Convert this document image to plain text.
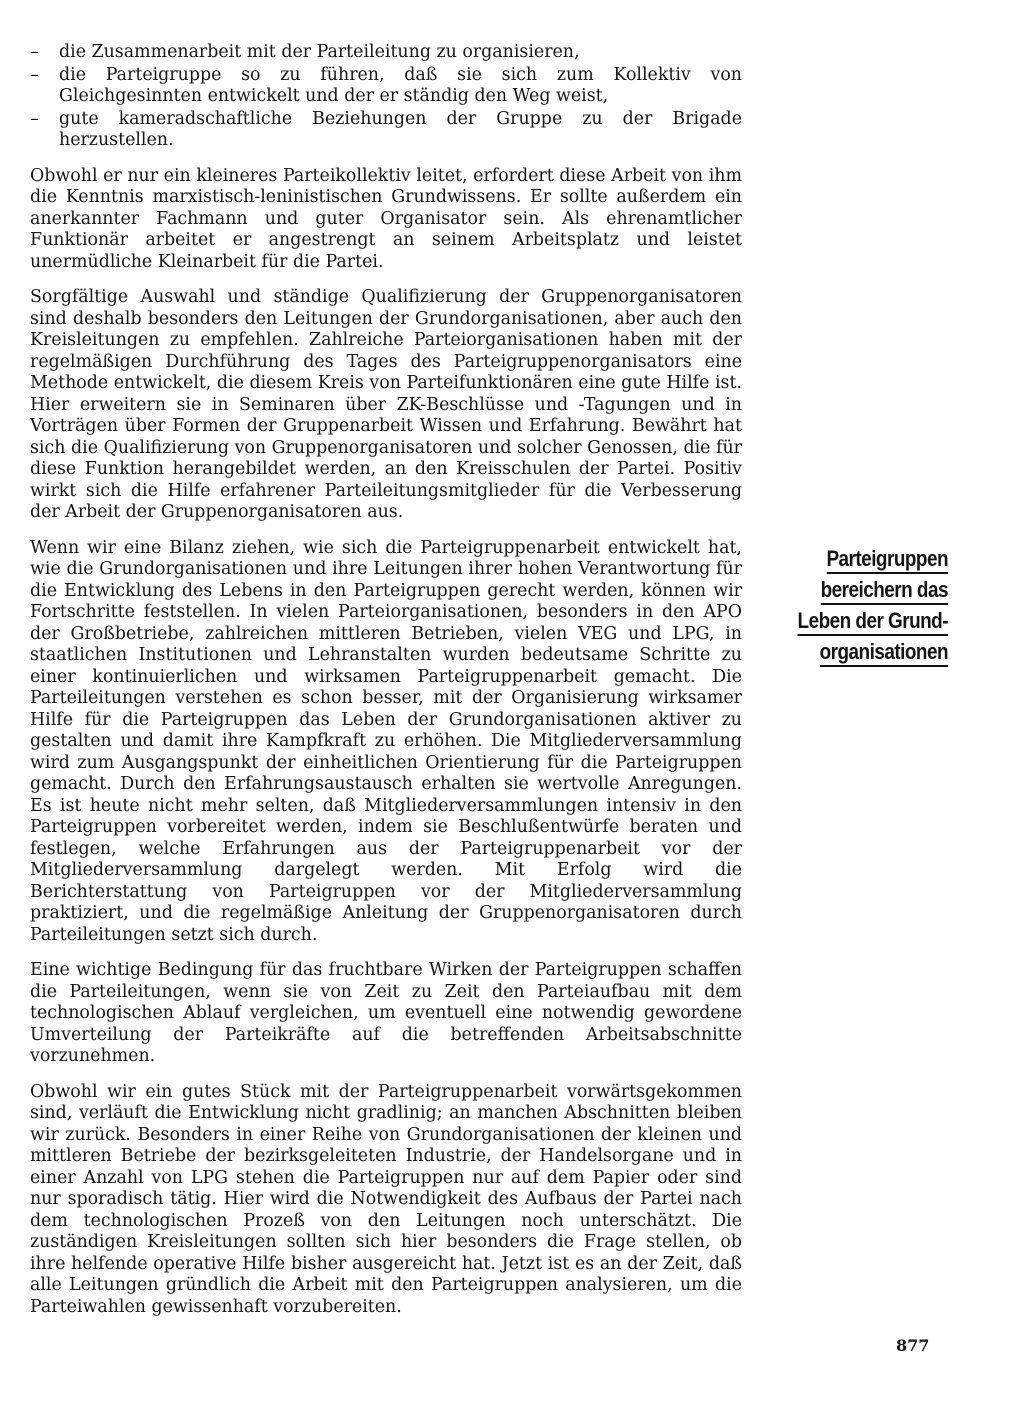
– die Zusammenarbeit mit der Parteileitung zu organisieren,
– die Parteigruppe so zu führen, daß sie sich zum Kollektiv von Gleichgesinnten entwickelt und der er ständig den Weg weist,
– gute kameradschaftliche Beziehungen der Gruppe zu der Brigade herzustellen.

Obwohl er nur ein kleineres Parteikollektiv leitet, erfordert diese Arbeit von ihm die Kenntnis marxistisch-leninistischen Grundwissens. Er sollte außerdem ein anerkannter Fachmann und guter Organisator sein. Als ehrenamtlicher Funktionär arbeitet er angestrengt an seinem Arbeitsplatz und leistet unermüdliche Kleinarbeit für die Partei.

Sorgfältige Auswahl und ständige Qualifizierung der Gruppenorganisatoren sind deshalb besonders den Leitungen der Grundorganisationen, aber auch den Kreisleitungen zu empfehlen. Zahlreiche Parteiorganisationen haben mit der regelmäßigen Durchführung des Tages des Parteigruppenorganisators eine Methode entwickelt, die diesem Kreis von Parteifunktionären eine gute Hilfe ist. Hier erweitern sie in Seminaren über ZK-Beschlüsse und -Tagungen und in Vorträgen über Formen der Gruppenarbeit Wissen und Erfahrung. Bewährt hat sich die Qualifizierung von Gruppenorganisatoren und solcher Genossen, die für diese Funktion herangebildet werden, an den Kreisschulen der Partei. Positiv wirkt sich die Hilfe erfahrener Parteileitungsmitglieder für die Verbesserung der Arbeit der Gruppenorganisatoren aus.

Wenn wir eine Bilanz ziehen, wie sich die Parteigruppenarbeit entwickelt hat, wie die Grundorganisationen und ihre Leitungen ihrer hohen Verantwortung für die Entwicklung des Lebens in den Parteigruppen gerecht werden, können wir Fortschritte feststellen. In vielen Parteiorganisationen, besonders in den APO der Großbetriebe, zahlreichen mittleren Betrieben, vielen VEG und LPG, in staatlichen Institutionen und Lehranstalten wurden bedeutsame Schritte zu einer kontinuierlichen und wirksamen Parteigruppenarbeit gemacht. Die Parteileitungen verstehen es schon besser, mit der Organisierung wirksamer Hilfe für die Parteigruppen das Leben der Grundorganisationen aktiver zu gestalten und damit ihre Kampfkraft zu erhöhen. Die Mitgliederversammlung wird zum Ausgangspunkt der einheitlichen Orientierung für die Parteigruppen gemacht. Durch den Erfahrungsaustausch erhalten sie wertvolle Anregungen. Es ist heute nicht mehr selten, daß Mitgliederversammlungen intensiv in den Parteigruppen vorbereitet werden, indem sie Beschlußentwürfe beraten und festlegen, welche Erfahrungen aus der Parteigruppenarbeit vor der Mitgliederversammlung dargelegt werden. Mit Erfolg wird die Berichterstattung von Parteigruppen vor der Mitgliederversammlung praktiziert, und die regelmäßige Anleitung der Gruppenorganisatoren durch Parteileitungen setzt sich durch.

Eine wichtige Bedingung für das fruchtbare Wirken der Parteigruppen schaffen die Parteileitungen, wenn sie von Zeit zu Zeit den Parteiaufbau mit dem technologischen Ablauf vergleichen, um eventuell eine notwendig gewordene Umverteilung der Parteikräfte auf die betreffenden Arbeitsabschnitte vorzunehmen.

Obwohl wir ein gutes Stück mit der Parteigruppenarbeit vorwärtsgekommen sind, verläuft die Entwicklung nicht gradlinig; an manchen Abschnitten bleiben wir zurück. Besonders in einer Reihe von Grundorganisationen der kleinen und mittleren Betriebe der bezirksgeleiteten Industrie, der Handelsorgane und in einer Anzahl von LPG stehen die Parteigruppen nur auf dem Papier oder sind nur sporadisch tätig. Hier wird die Notwendigkeit des Aufbaus der Partei nach dem technologischen Prozeß von den Leitungen noch unterschätzt. Die zuständigen Kreisleitungen sollten sich hier besonders die Frage stellen, ob ihre helfende operative Hilfe bisher ausgereicht hat. Jetzt ist es an der Zeit, daß alle Leitungen gründlich die Arbeit mit den Parteigruppen analysieren, um die Parteiwahlen gewissenhaft vorzubereiten.

Parteigruppen
bereichern das
Leben der Grund-
organisationen
877
